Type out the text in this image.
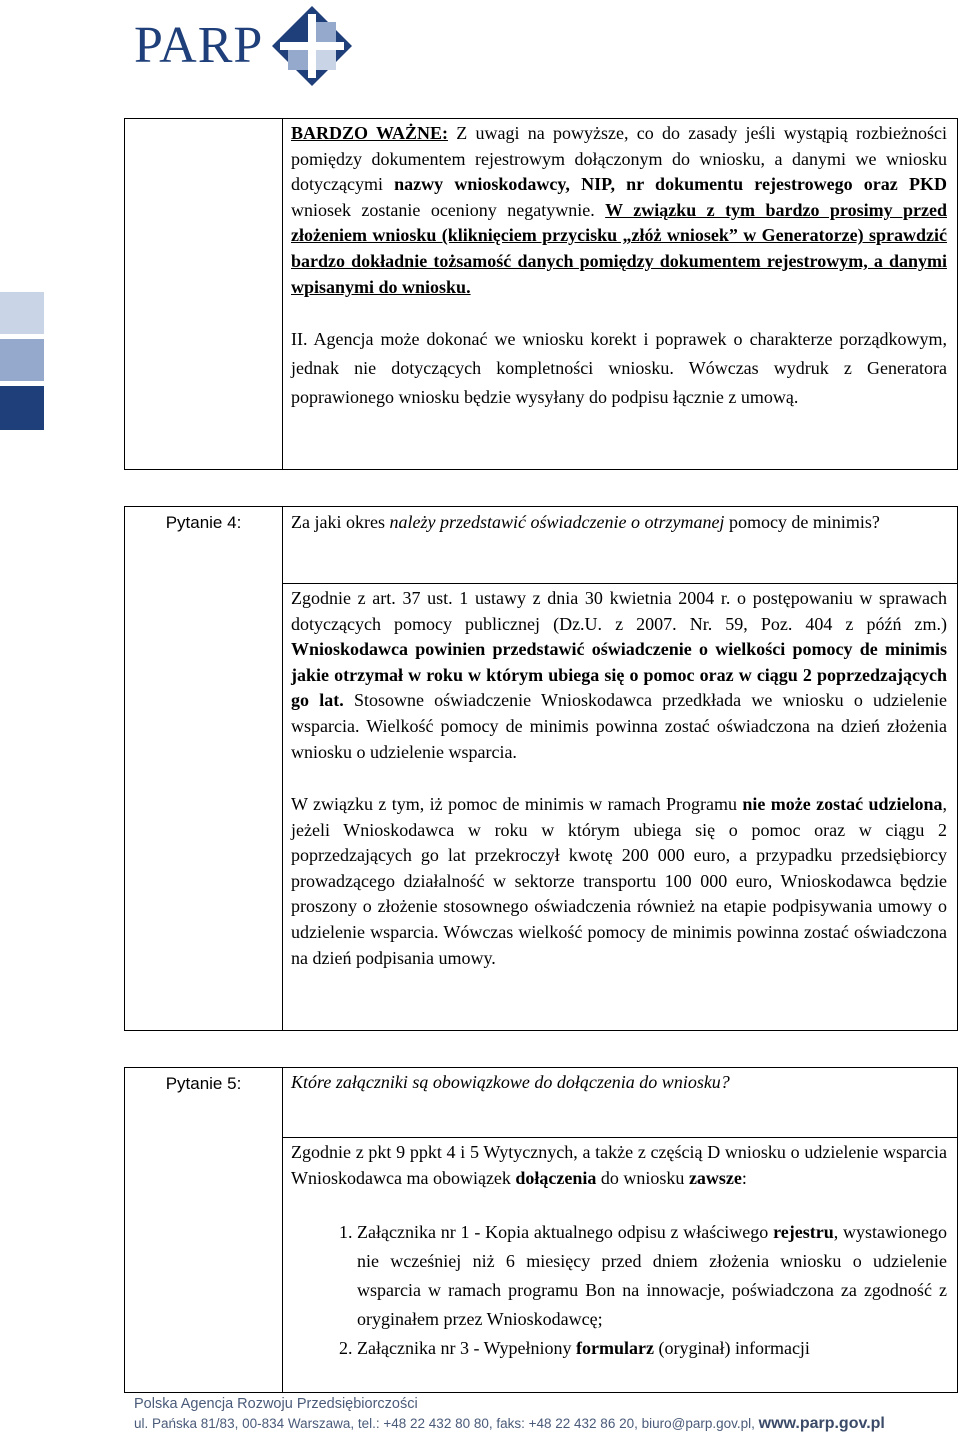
PARP
BARDZO WAŻNE: Z uwagi na powyższe, co do zasady jeśli wystąpią rozbieżności pomiędzy dokumentem rejestrowym dołączonym do wniosku, a danymi we wniosku dotyczącymi nazwy wnioskodawcy, NIP, nr dokumentu rejestrowego oraz PKD wniosek zostanie oceniony negatywnie. W związku z tym bardzo prosimy przed złożeniem wniosku (kliknięciem przycisku „złóż wniosek” w Generatorze) sprawdzić bardzo dokładnie tożsamość danych pomiędzy dokumentem rejestrowym, a danymi wpisanymi do wniosku.
II. Agencja może dokonać we wniosku korekt i poprawek o charakterze porządkowym, jednak nie dotyczących kompletności wniosku. Wówczas wydruk z Generatora poprawionego wniosku będzie wysyłany do podpisu łącznie z umową.
Pytanie 4:	Za jaki okres należy przedstawić oświadczenie o otrzymanej pomocy de minimis?
Zgodnie z art. 37 ust. 1 ustawy z dnia 30 kwietnia 2004 r. o postępowaniu w sprawach dotyczących pomocy publicznej (Dz.U. z 2007. Nr. 59, Poz. 404 z późń zm.) Wnioskodawca powinien przedstawić oświadczenie o wielkości pomocy de minimis jakie otrzymał w roku w którym ubiega się o pomoc oraz w ciągu 2 poprzedzających go lat. Stosowne oświadczenie Wnioskodawca przedkłada we wniosku o udzielenie wsparcia. Wielkość pomocy de minimis powinna zostać oświadczona na dzień złożenia wniosku o udzielenie wsparcia.
W związku z tym, iż pomoc de minimis w ramach Programu nie może zostać udzielona, jeżeli Wnioskodawca w roku w którym ubiega się o pomoc oraz w ciągu 2 poprzedzających go lat przekroczył kwotę 200 000 euro, a przypadku przedsiębiorcy prowadzącego działalność w sektorze transportu 100 000 euro, Wnioskodawca będzie proszony o złożenie stosownego oświadczenia również na etapie podpisywania umowy o udzielenie wsparcia. Wówczas wielkość pomocy de minimis powinna zostać oświadczona na dzień podpisania umowy.
Pytanie 5:	Które załączniki są obowiązkowe do dołączenia do wniosku?
Zgodnie z pkt 9 ppkt 4 i 5 Wytycznych, a także z częścią D wniosku o udzielenie wsparcia Wnioskodawca ma obowiązek dołączenia do wniosku zawsze:
1. Załącznika nr 1 - Kopia aktualnego odpisu z właściwego rejestru, wystawionego nie wcześniej niż 6 miesięcy przed dniem złożenia wniosku o udzielenie wsparcia w ramach programu Bon na innowacje, poświadczona za zgodność z oryginałem przez Wnioskodawcę;
2. Załącznika nr 3 - Wypełniony formularz (oryginał) informacji
Polska Agencja Rozwoju Przedsiębiorczości
ul. Pańska 81/83, 00-834 Warszawa, tel.: +48 22 432 80 80, faks: +48 22 432 86 20, biuro@parp.gov.pl, www.parp.gov.pl
